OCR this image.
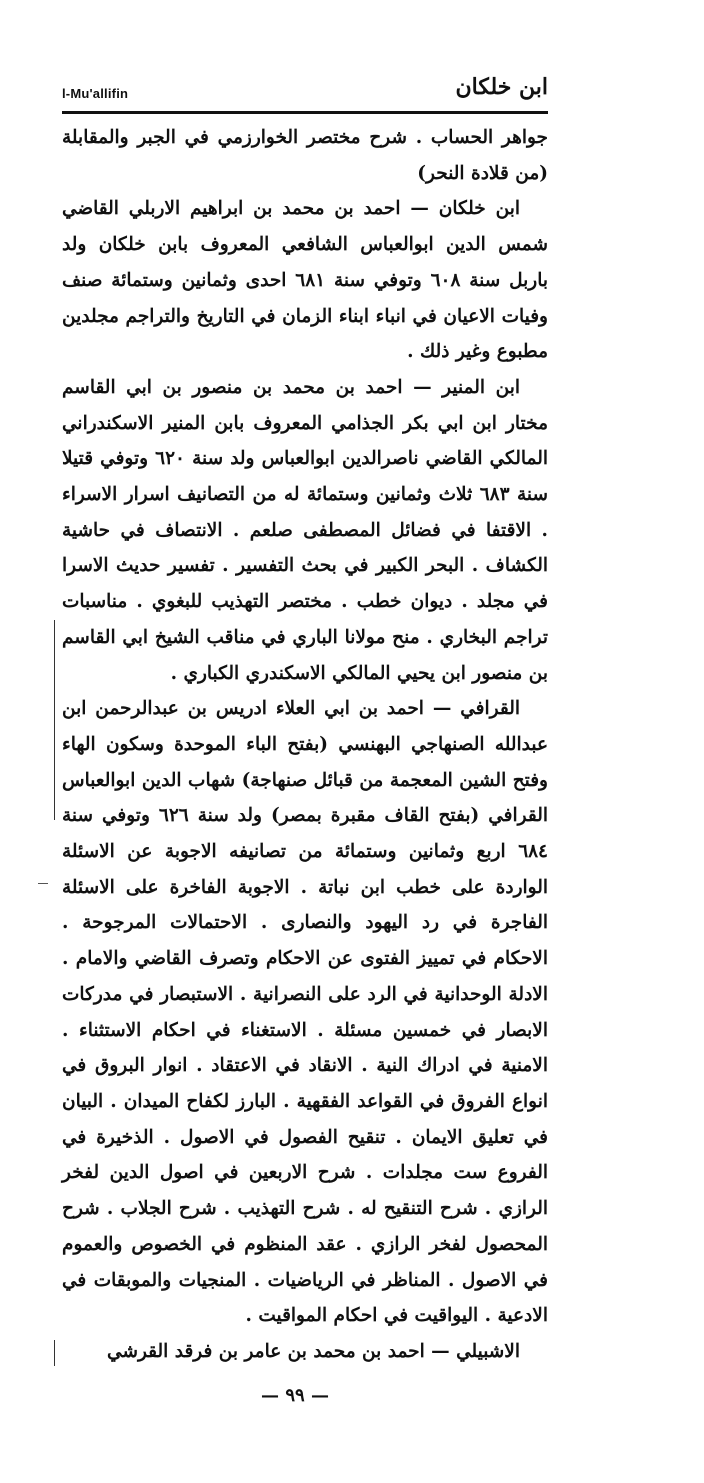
l-Mu'allifin	ابن خلكان

جواهر الحساب . شرح مختصر الخوارزمي في الجبر والمقابلة (من قلادة النحر)

ابن خلكان — احمد بن محمد بن ابراهيم الاربلي القاضي شمس الدين ابوالعباس الشافعي المعروف بابن خلكان ولد باربل سنة ٦٠٨ وتوفي سنة ٦٨١ احدى وثمانين وستمائة صنف وفيات الاعيان في انباء ابناء الزمان في التاريخ والتراجم مجلدين مطبوع وغير ذلك .

ابن المنير — احمد بن محمد بن منصور بن ابي القاسم مختار ابن ابي بكر الجذامي المعروف بابن المنير الاسكندراني المالكي القاضي ناصرالدين ابوالعباس ولد سنة ٦٢٠ وتوفي قتيلا سنة ٦٨٣ ثلاث وثمانين وستمائة له من التصانيف اسرار الاسراء . الاقتفا في فضائل المصطفى صلعم . الانتصاف في حاشية الكشاف . البحر الكبير في بحث التفسير . تفسير حديث الاسرا في مجلد . ديوان خطب . مختصر التهذيب للبغوي . مناسبات تراجم البخاري . منح مولانا الباري في مناقب الشيخ ابي القاسم بن منصور ابن يحيي المالكي الاسكندري الكباري .

القرافي — احمد بن ابي العلاء ادريس بن عبدالرحمن ابن عبدالله الصنهاجي البهنسي (بفتح الباء الموحدة وسكون الهاء وفتح الشين المعجمة من قبائل صنهاجة) شهاب الدين ابوالعباس القرافي (بفتح القاف مقبرة بمصر) ولد سنة ٦٢٦ وتوفي سنة ٦٨٤ اربع وثمانين وستمائة من تصانيفه الاجوبة عن الاسئلة الواردة على خطب ابن نباتة . الاجوبة الفاخرة على الاسئلة الفاجرة في رد اليهود والنصارى . الاحتمالات المرجوحة . الاحكام في تمييز الفتوى عن الاحكام وتصرف القاضي والامام . الادلة الوحدانية في الرد على النصرانية . الاستبصار في مدركات الابصار في خمسين مسئلة . الاستغناء في احكام الاستثناء . الامنية في ادراك النية . الانقاد في الاعتقاد . انوار البروق في انواع الفروق في القواعد الفقهية . البارز لكفاح الميدان . البيان في تعليق الايمان . تنقيح الفصول في الاصول . الذخيرة في الفروع ست مجلدات . شرح الاربعين في اصول الدين لفخر الرازي . شرح التنقيح له . شرح التهذيب . شرح الجلاب . شرح المحصول لفخر الرازي . عقد المنظوم في الخصوص والعموم في الاصول . المناظر في الرياضيات . المنجيات والموبقات في الادعية . اليواقيت في احكام المواقيت .

الاشبيلي — احمد بن محمد بن عامر بن فرقد القرشي

— ٩٩ —
